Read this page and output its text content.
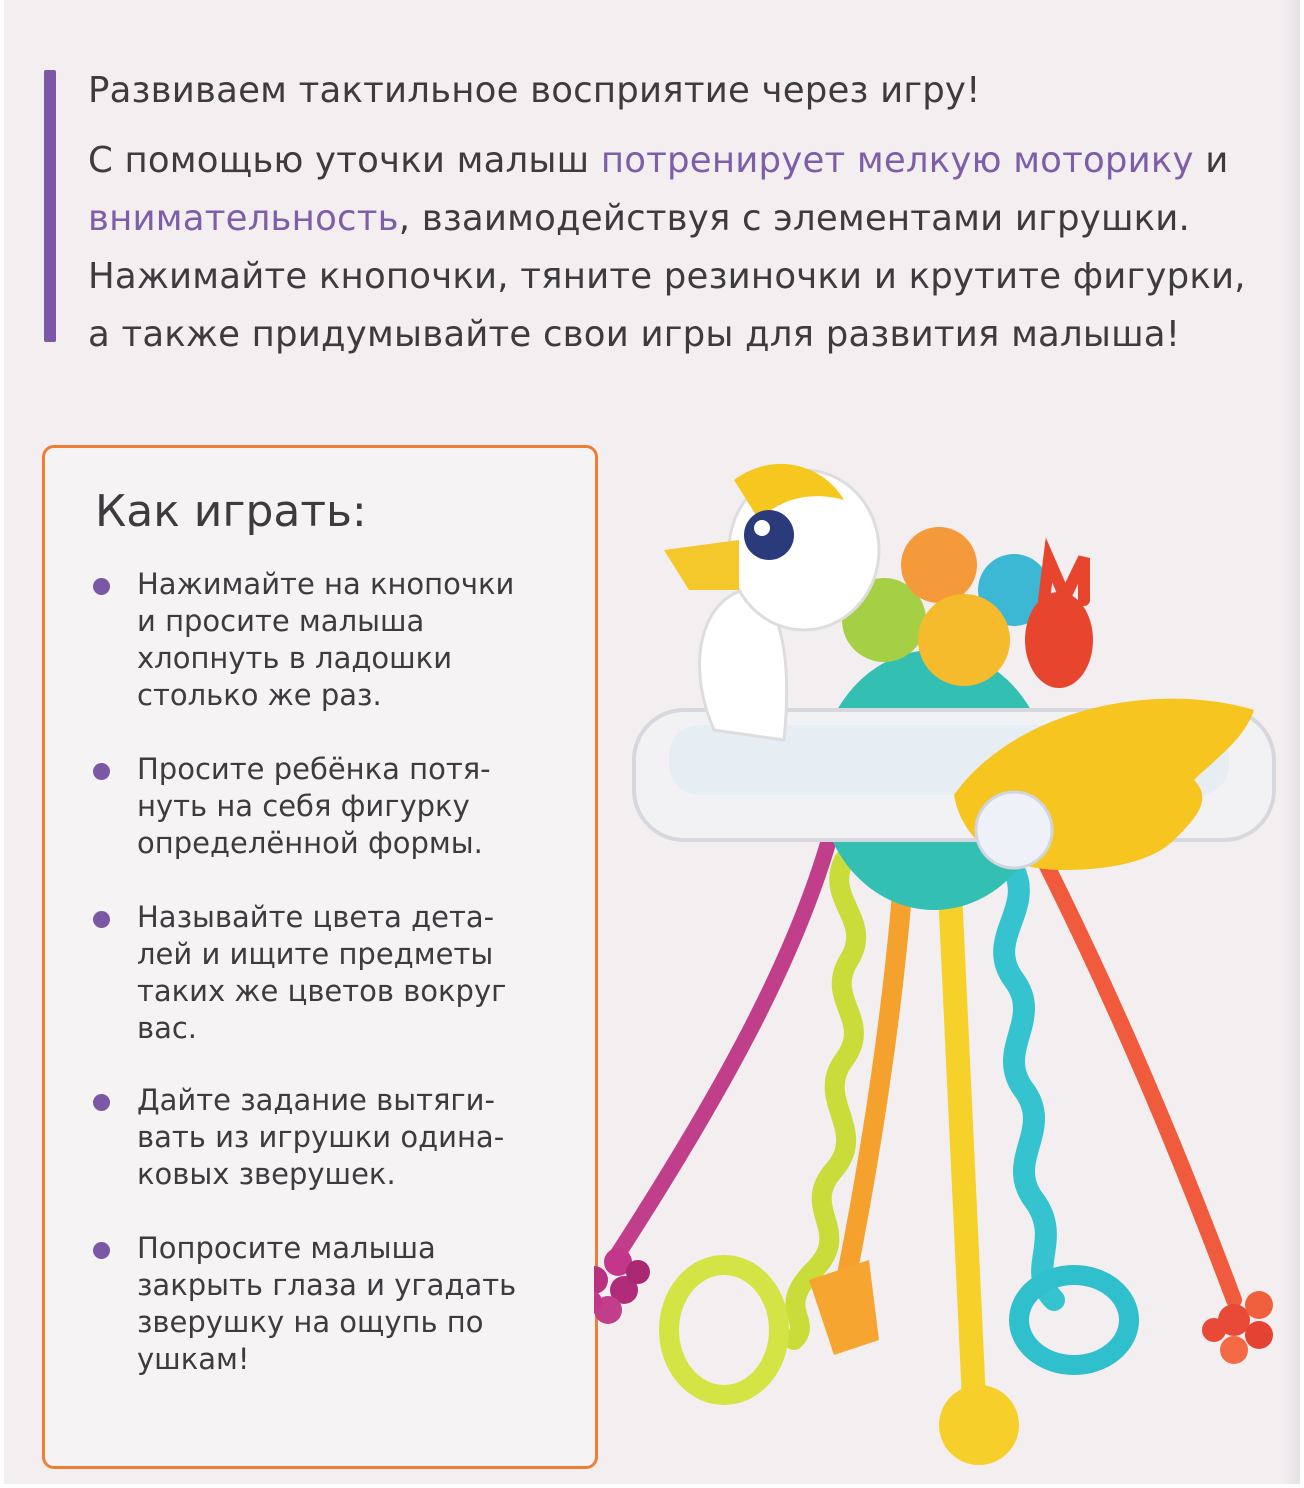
Развиваем тактильное восприятие через игру!

С помощью уточки малыш потренирует мелкую моторику и внимательность, взаимодействуя с элементами игрушки. Нажимайте кнопочки, тяните резиночки и крутите фигурки, а также придумывайте свои игры для развития малыша!

Как играть:
Нажимайте на кнопочки
и просите малыша
хлопнуть в ладошки
столько же раз.
Просите ребёнка потя-
нуть на себя фигурку
определённой формы.
Называйте цвета дета-
лей и ищите предметы
таких же цветов вокруг
вас.
Дайте задание вытяги-
вать из игрушки одина-
ковых зверушек.
Попросите малыша
закрыть глаза и угадать
зверушку на ощупь по
ушкам!
